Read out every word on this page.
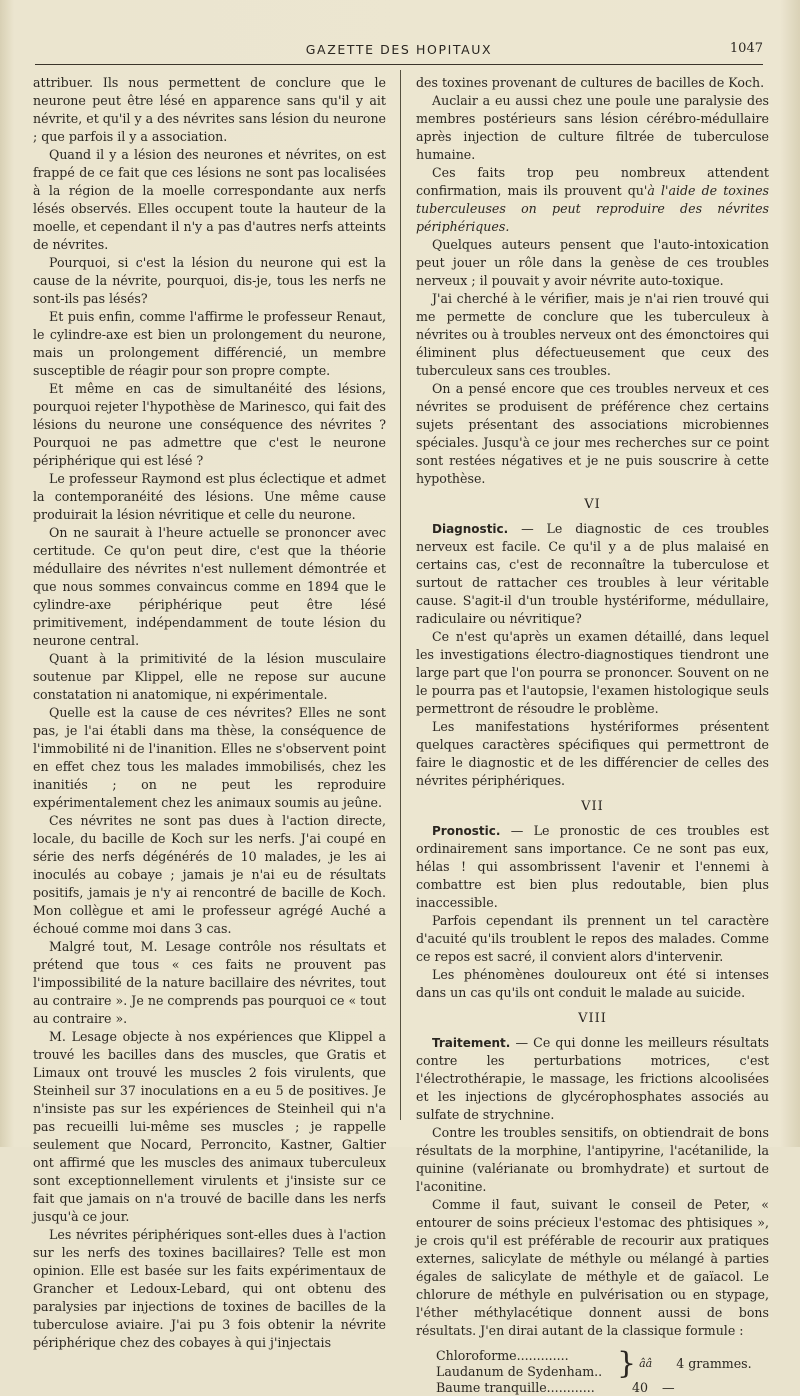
GAZETTE DES HOPITAUX	1047

attribuer. Ils nous permettent de conclure que le neurone peut être lésé en apparence sans qu'il y ait névrite, et qu'il y a des névrites sans lésion du neurone ; que parfois il y a association.

Quand il y a lésion des neurones et névrites, on est frappé de ce fait que ces lésions ne sont pas localisées à la région de la moelle correspondante aux nerfs lésés observés. Elles occupent toute la hauteur de la moelle, et cependant il n'y a pas d'autres nerfs atteints de névrites.

Pourquoi, si c'est la lésion du neurone qui est la cause de la névrite, pourquoi, dis-je, tous les nerfs ne sont-ils pas lésés?

Et puis enfin, comme l'affirme le professeur Renaut, le cylindre-axe est bien un prolongement du neurone, mais un prolongement différencié, un membre susceptible de réagir pour son propre compte.

Et même en cas de simultanéité des lésions, pourquoi rejeter l'hypothèse de Marinesco, qui fait des lésions du neurone une conséquence des névrites ? Pourquoi ne pas admettre que c'est le neurone périphérique qui est lésé ?

Le professeur Raymond est plus éclectique et admet la contemporanéité des lésions. Une même cause produirait la lésion névritique et celle du neurone.

On ne saurait à l'heure actuelle se prononcer avec certitude. Ce qu'on peut dire, c'est que la théorie médullaire des névrites n'est nullement démontrée et que nous sommes convaincus comme en 1894 que le cylindre-axe périphérique peut être lésé primitivement, indépendamment de toute lésion du neurone central.

Quant à la primitivité de la lésion musculaire soutenue par Klippel, elle ne repose sur aucune constatation ni anatomique, ni expérimentale.

Quelle est la cause de ces névrites? Elles ne sont pas, je l'ai établi dans ma thèse, la conséquence de l'immobilité ni de l'inanition. Elles ne s'observent point en effet chez tous les malades immobilisés, chez les inanitiés ; on ne peut les reproduire expérimentalement chez les animaux soumis au jeûne.

Ces névrites ne sont pas dues à l'action directe, locale, du bacille de Koch sur les nerfs. J'ai coupé en série des nerfs dégénérés de 10 malades, je les ai inoculés au cobaye ; jamais je n'ai eu de résultats positifs, jamais je n'y ai rencontré de bacille de Koch. Mon collègue et ami le professeur agrégé Auché a échoué comme moi dans 3 cas.

Malgré tout, M. Lesage contrôle nos résultats et prétend que tous « ces faits ne prouvent pas l'impossibilité de la nature bacillaire des névrites, tout au contraire ». Je ne comprends pas pourquoi ce « tout au contraire ».

M. Lesage objecte à nos expériences que Klippel a trouvé les bacilles dans des muscles, que Gratis et Limaux ont trouvé les muscles 2 fois virulents, que Steinheil sur 37 inoculations en a eu 5 de positives. Je n'insiste pas sur les expériences de Steinheil qui n'a pas recueilli lui-même ses muscles ; je rappelle seulement que Nocard, Perroncito, Kastner, Galtier ont affirmé que les muscles des animaux tuberculeux sont exceptionnellement virulents et j'insiste sur ce fait que jamais on n'a trouvé de bacille dans les nerfs jusqu'à ce jour.

Les névrites périphériques sont-elles dues à l'action sur les nerfs des toxines bacillaires? Telle est mon opinion. Elle est basée sur les faits expérimentaux de Grancher et Ledoux-Lebard, qui ont obtenu des paralysies par injections de toxines de bacilles de la tuberculose aviaire. J'ai pu 3 fois obtenir la névrite périphérique chez des cobayes à qui j'injectais

des toxines provenant de cultures de bacilles de Koch.

Auclair a eu aussi chez une poule une paralysie des membres postérieurs sans lésion cérébro-médullaire après injection de culture filtrée de tuberculose humaine.

Ces faits trop peu nombreux attendent confirmation, mais ils prouvent qu'à l'aide de toxines tuberculeuses on peut reproduire des névrites périphériques.

Quelques auteurs pensent que l'auto-intoxication peut jouer un rôle dans la genèse de ces troubles nerveux ; il pouvait y avoir névrite auto-toxique.

J'ai cherché à le vérifier, mais je n'ai rien trouvé qui me permette de conclure que les tuberculeux à névrites ou à troubles nerveux ont des émonctoires qui éliminent plus défectueusement que ceux des tuberculeux sans ces troubles.

On a pensé encore que ces troubles nerveux et ces névrites se produisent de préférence chez certains sujets présentant des associations microbiennes spéciales. Jusqu'à ce jour mes recherches sur ce point sont restées négatives et je ne puis souscrire à cette hypothèse.

VI

Diagnostic. — Le diagnostic de ces troubles nerveux est facile. Ce qu'il y a de plus malaisé en certains cas, c'est de reconnaître la tuberculose et surtout de rattacher ces troubles à leur véritable cause. S'agit-il d'un trouble hystériforme, médullaire, radiculaire ou névritique?

Ce n'est qu'après un examen détaillé, dans lequel les investigations électro-diagnostiques tiendront une large part que l'on pourra se prononcer. Souvent on ne le pourra pas et l'autopsie, l'examen histologique seuls permettront de résoudre le problème.

Les manifestations hystériformes présentent quelques caractères spécifiques qui permettront de faire le diagnostic et de les différencier de celles des névrites périphériques.

VII

Pronostic. — Le pronostic de ces troubles est ordinairement sans importance. Ce ne sont pas eux, hélas ! qui assombrissent l'avenir et l'ennemi à combattre est bien plus redoutable, bien plus inaccessible.

Parfois cependant ils prennent un tel caractère d'acuité qu'ils troublent le repos des malades. Comme ce repos est sacré, il convient alors d'intervenir.

Les phénomènes douloureux ont été si intenses dans un cas qu'ils ont conduit le malade au suicide.

VIII

Traitement. — Ce qui donne les meilleurs résultats contre les perturbations motrices, c'est l'électrothérapie, le massage, les frictions alcoolisées et les injections de glycérophosphates associés au sulfate de strychnine.

Contre les troubles sensitifs, on obtiendrait de bons résultats de la morphine, l'antipyrine, l'acétanilide, la quinine (valérianate ou bromhydrate) et surtout de l'aconitine.

Comme il faut, suivant le conseil de Peter, « entourer de soins précieux l'estomac des phtisiques », je crois qu'il est préférable de recourir aux pratiques externes, salicylate de méthyle ou mélangé à parties égales de salicylate de méthyle et de gaïacol. Le chlorure de méthyle en pulvérisation ou en stypage, l'éther méthylacétique donnent aussi de bons résultats. J'en dirai autant de la classique formule :

Chloroforme.............
Laudanum de Sydenham.. } ââ 4 grammes.
Baume tranquille............	40	—
